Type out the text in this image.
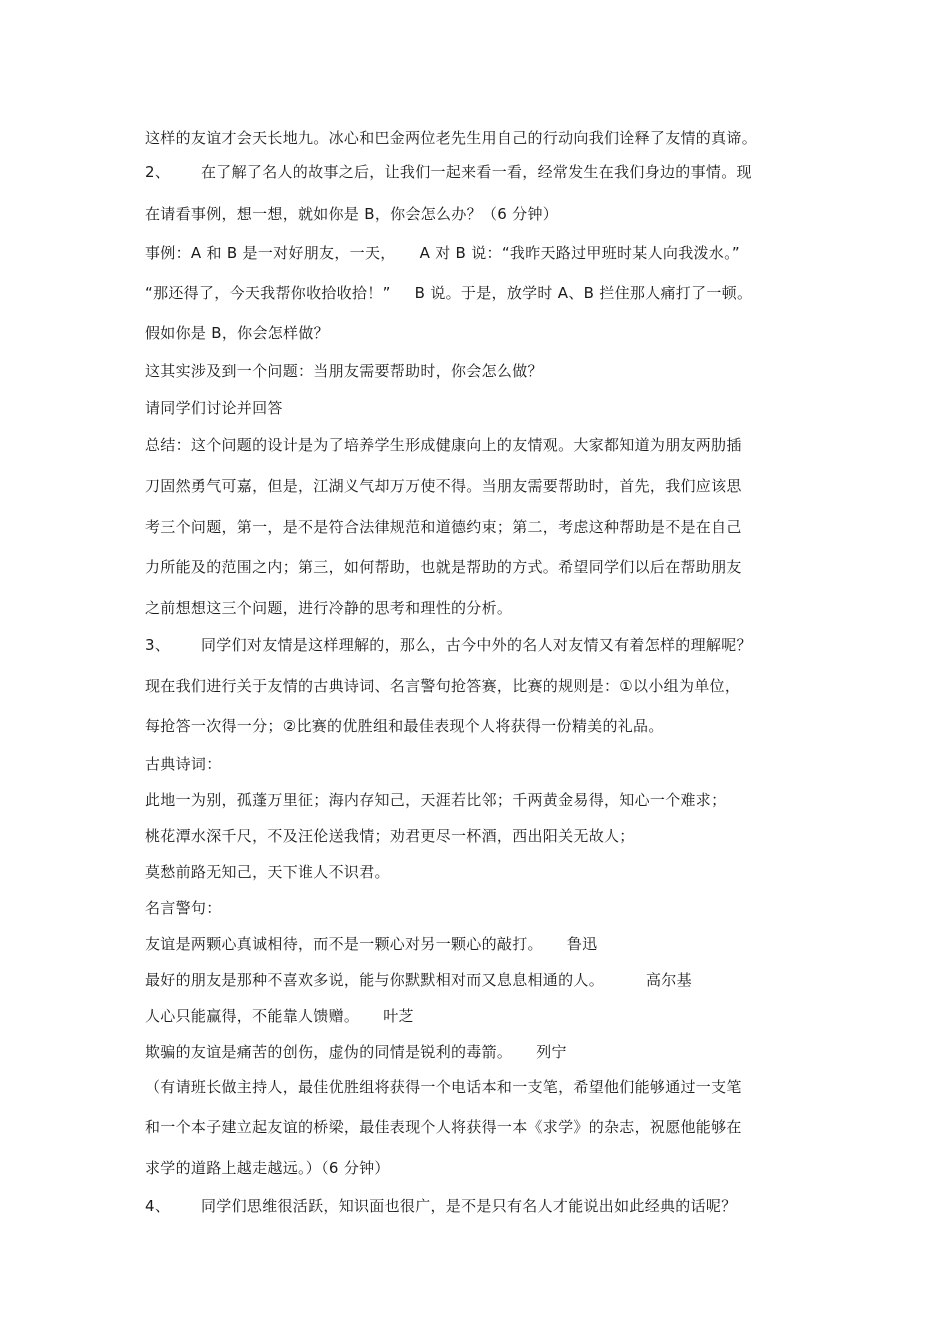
这样的友谊才会天长地九。冰心和巴金两位老先生用自己的行动向我们诠释了友情的真谛。
2、 在了解了名人的故事之后，让我们一起来看一看，经常发生在我们身边的事情。现
在请看事例，想一想，就如你是 B，你会怎么办？（6 分钟）
事例：A 和 B 是一对好朋友，一天， A 对 B 说：“我昨天路过甲班时某人向我泼水。”
“那还得了，今天我帮你收拾收拾！” B 说。于是，放学时 A、B 拦住那人痛打了一顿。
假如你是 B，你会怎样做？
这其实涉及到一个问题：当朋友需要帮助时，你会怎么做？
请同学们讨论并回答
总结：这个问题的设计是为了培养学生形成健康向上的友情观。大家都知道为朋友两肋插
刀固然勇气可嘉，但是，江湖义气却万万使不得。当朋友需要帮助时，首先，我们应该思
考三个问题，第一，是不是符合法律规范和道德约束；第二，考虑这种帮助是不是在自己
力所能及的范围之内；第三，如何帮助，也就是帮助的方式。希望同学们以后在帮助朋友
之前想想这三个问题，进行冷静的思考和理性的分析。
3、 同学们对友情是这样理解的，那么，古今中外的名人对友情又有着怎样的理解呢？
现在我们进行关于友情的古典诗词、名言警句抢答赛，比赛的规则是：①以小组为单位，
每抢答一次得一分；②比赛的优胜组和最佳表现个人将获得一份精美的礼品。
古典诗词：
此地一为别，孤蓬万里征；海内存知己，天涯若比邻；千两黄金易得，知心一个难求；
桃花潭水深千尺，不及汪伦送我情；劝君更尽一杯酒，西出阳关无故人；
莫愁前路无知己，天下谁人不识君。
名言警句：
友谊是两颗心真诚相待，而不是一颗心对另一颗心的敲打。 鲁迅
最好的朋友是那种不喜欢多说，能与你默默相对而又息息相通的人。	高尔基
人心只能赢得，不能靠人馈赠。 叶芝
欺骗的友谊是痛苦的创伤，虚伪的同情是锐利的毒箭。 列宁
（有请班长做主持人，最佳优胜组将获得一个电话本和一支笔，希望他们能够通过一支笔
和一个本子建立起友谊的桥梁，最佳表现个人将获得一本《求学》的杂志，祝愿他能够在
求学的道路上越走越远。）（6 分钟）
4、 同学们思维很活跃，知识面也很广，是不是只有名人才能说出如此经典的话呢？
